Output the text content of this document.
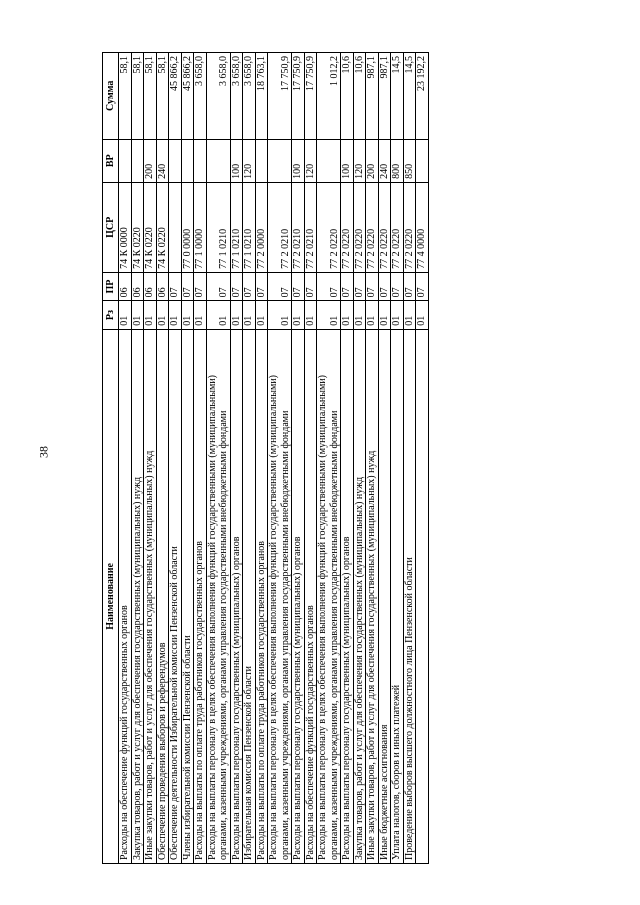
38
Наименование	Рз	ПР	ЦСР	ВР	Сумма
Расходы на обеспечение функций государственных органов	01	06	74 К 0000		58,1
Закупка товаров, работ и услуг для обеспечения государственных (муниципальных) нужд	01	06	74 К 0220		58,1
Иные закупки товаров, работ и услуг для обеспечения государственных (муниципальных) нужд	01	06	74 К 0220	200	58,1
Обеспечение проведения выборов и референдумов	01	06	74 К 0220	240	58,1
Обеспечение деятельности Избирательной комиссии Пензенской области	01	07			45 866,2
Члены избирательной комиссии Пензенской области	01	07	77 0 0000		45 866,2
Расходы на выплаты по оплате труда работников государственных органов	01	07	77 1 0000		3 658,0
Расходы на выплаты персоналу в целях обеспечения выполнения функций государственными (муниципальными) органами, казенными учреждениями, органами управления государственными внебюджетными фондами	01	07	77 1 0210		3 658,0
Расходы на выплаты персоналу государственных (муниципальных) органов	01	07	77 1 0210	100	3 658,0
Избирательная комиссия Пензенской области	01	07	77 1 0210	120	3 658,0
Расходы на выплаты по оплате труда работников государственных органов	01	07	77 2 0000		18 763,1
Расходы на выплаты персоналу в целях обеспечения выполнения функций государственными (муниципальными) органами, казенными учреждениями, органами управления государственными внебюджетными фондами	01	07	77 2 0210		17 750,9
Расходы на выплаты персоналу государственных (муниципальных) органов	01	07	77 2 0210	100	17 750,9
Расходы на обеспечение функций государственных органов	01	07	77 2 0210	120	17 750,9
Расходы на выплаты персоналу в целях обеспечения выполнения функций государственными (муниципальными) органами, казенными учреждениями, органами управления государственными внебюджетными фондами	01	07	77 2 0220		1 012,2
Расходы на выплаты персоналу государственных (муниципальных) органов	01	07	77 2 0220	100	10,6
Закупка товаров, работ и услуг для обеспечения государственных (муниципальных) нужд	01	07	77 2 0220	120	10,6
Иные закупки товаров, работ и услуг для обеспечения государственных (муниципальных) нужд	01	07	77 2 0220	200	987,1
Иные бюджетные ассигнования	01	07	77 2 0220	240	987,1
Уплата налогов, сборов и иных платежей	01	07	77 2 0220	800	14,5
Проведение выборов высшего должностного лица Пензенской области	01	07	77 2 0220	850	14,5
	01	07	77 4 0000		23 192,2
